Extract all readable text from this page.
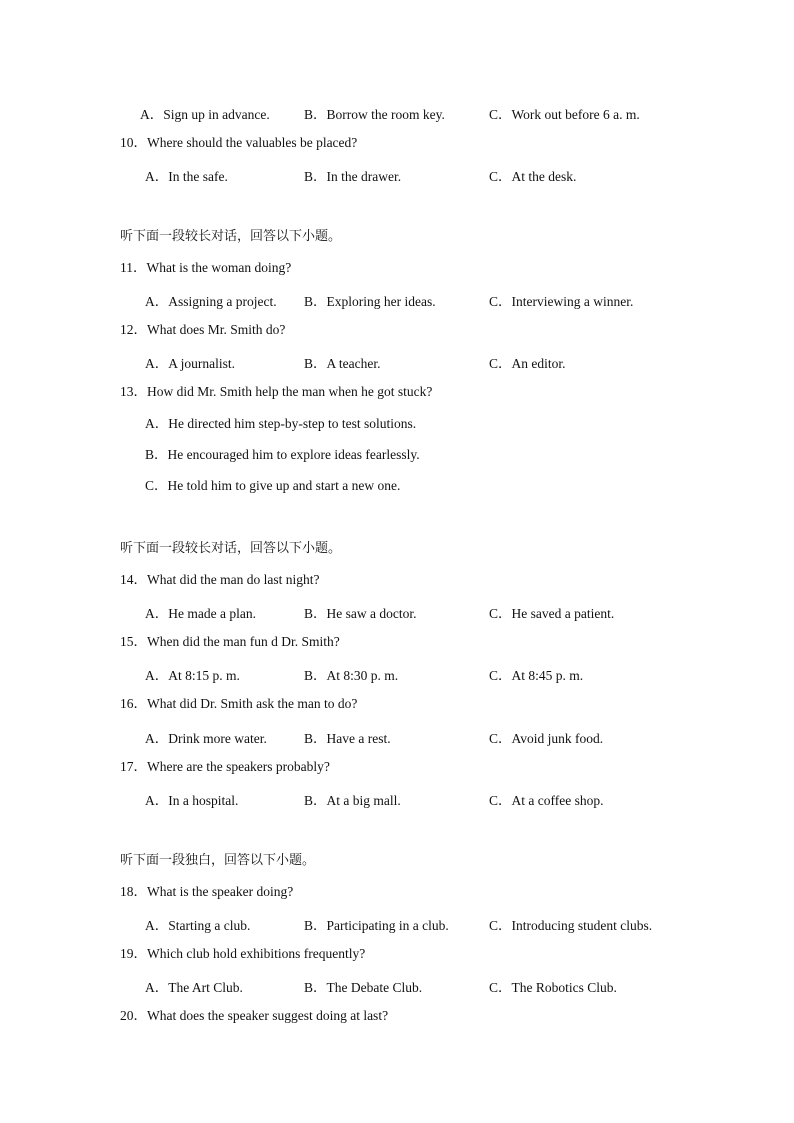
A．Sign up in advance.	B．Borrow the room key.	C．Work out before 6 a. m.
10．Where should the valuables be placed?
A．In the safe.	B．In the drawer.	C．At the desk.
听下面一段较长对话，回答以下小题。
11．What is the woman doing?
A．Assigning a project. B．Exploring her ideas.	C．Interviewing a winner.
12．What does Mr. Smith do?
A．A journalist.	B．A teacher.	C．An editor.
13．How did Mr. Smith help the man when he got stuck?
A．He directed him step-by-step to test solutions.
B．He encouraged him to explore ideas fearlessly.
C．He told him to give up and start a new one.
听下面一段较长对话，回答以下小题。
14．What did the man do last night?
A．He made a plan.	B．He saw a doctor.	C．He saved a patient.
15．When did the man fun d Dr. Smith?
A．At 8:15 p. m.	B．At 8:30 p. m.	C．At 8:45 p. m.
16．What did Dr. Smith ask the man to do?
A．Drink more water.	B．Have a rest.	C．Avoid junk food.
17．Where are the speakers probably?
A．In a hospital.	B．At a big mall.	C．At a coffee shop.
听下面一段独白，回答以下小题。
18．What is the speaker doing?
A．Starting a club.	B．Participating in a club.	C．Introducing student clubs.
19．Which club hold exhibitions frequently?
A．The Art Club.	B．The Debate Club.	C．The Robotics Club.
20．What does the speaker suggest doing at last?
